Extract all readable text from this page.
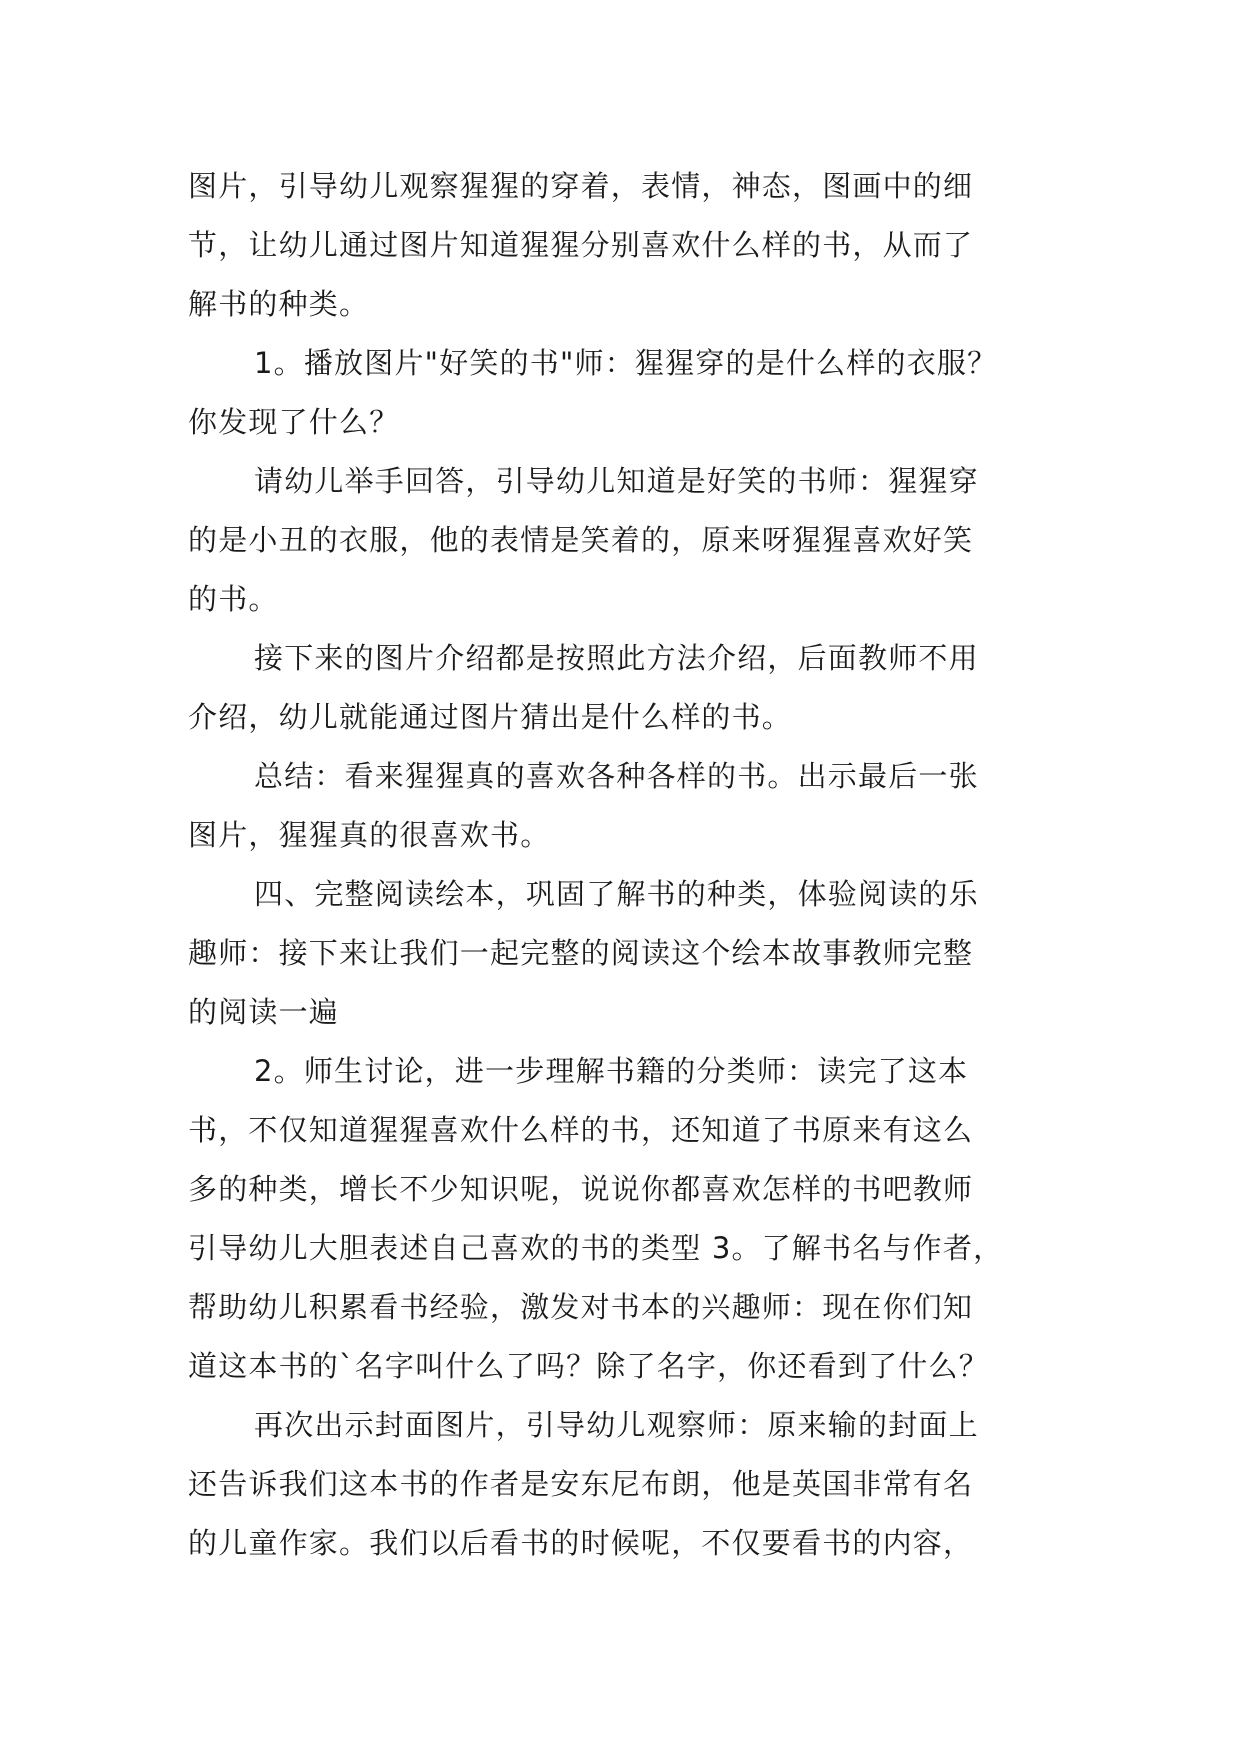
图片，引导幼儿观察猩猩的穿着，表情，神态，图画中的细
节，让幼儿通过图片知道猩猩分别喜欢什么样的书，从而了
解书的种类。
1。播放图片"好笑的书"师：猩猩穿的是什么样的衣服？
你发现了什么？
请幼儿举手回答，引导幼儿知道是好笑的书师：猩猩穿
的是小丑的衣服，他的表情是笑着的，原来呀猩猩喜欢好笑
的书。
接下来的图片介绍都是按照此方法介绍，后面教师不用
介绍，幼儿就能通过图片猜出是什么样的书。
总结：看来猩猩真的喜欢各种各样的书。出示最后一张
图片，猩猩真的很喜欢书。
四、完整阅读绘本，巩固了解书的种类，体验阅读的乐
趣师：接下来让我们一起完整的阅读这个绘本故事教师完整
的阅读一遍
2。师生讨论，进一步理解书籍的分类师：读完了这本
书，不仅知道猩猩喜欢什么样的书，还知道了书原来有这么
多的种类，增长不少知识呢，说说你都喜欢怎样的书吧教师
引导幼儿大胆表述自己喜欢的书的类型 3。了解书名与作者，
帮助幼儿积累看书经验，激发对书本的兴趣师：现在你们知
道这本书的`名字叫什么了吗？除了名字，你还看到了什么？
再次出示封面图片，引导幼儿观察师：原来输的封面上
还告诉我们这本书的作者是安东尼布朗，他是英国非常有名
的儿童作家。我们以后看书的时候呢，不仅要看书的内容，
